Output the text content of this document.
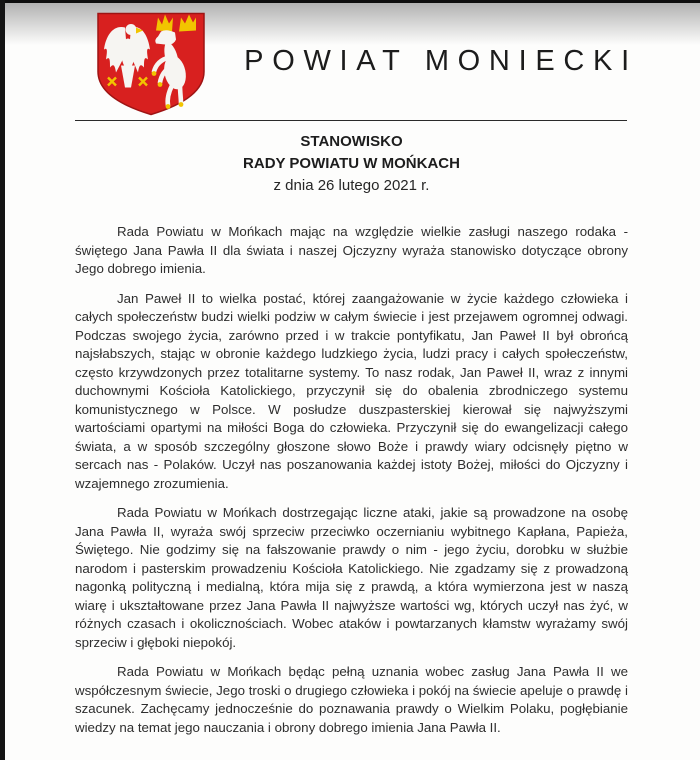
POWIAT MONIECKI
STANOWISKO
RADY POWIATU W MOŃKACH
z dnia 26 lutego 2021 r.

Rada Powiatu w Mońkach mając na względzie wielkie zasługi naszego rodaka - świętego Jana Pawła II dla świata i naszej Ojczyzny wyraża stanowisko dotyczące obrony Jego dobrego imienia.

Jan Paweł II to wielka postać, której zaangażowanie w życie każdego człowieka i całych społeczeństw budzi wielki podziw w całym świecie i jest przejawem ogromnej odwagi. Podczas swojego życia, zarówno przed i w trakcie pontyfikatu, Jan Paweł II był obrońcą najsłabszych, stając w obronie każdego ludzkiego życia, ludzi pracy i całych społeczeństw, często krzywdzonych przez totalitarne systemy. To nasz rodak, Jan Paweł II, wraz z innymi duchownymi Kościoła Katolickiego, przyczynił się do obalenia zbrodniczego systemu komunistycznego w Polsce. W posłudze duszpasterskiej kierował się najwyższymi wartościami opartymi na miłości Boga do człowieka. Przyczynił się do ewangelizacji całego świata, a w sposób szczególny głoszone słowo Boże i prawdy wiary odcisnęły piętno w sercach nas - Polaków. Uczył nas poszanowania każdej istoty Bożej, miłości do Ojczyzny i wzajemnego zrozumienia.

Rada Powiatu w Mońkach dostrzegając liczne ataki, jakie są prowadzone na osobę Jana Pawła II, wyraża swój sprzeciw przeciwko oczernianiu wybitnego Kapłana, Papieża, Świętego. Nie godzimy się na fałszowanie prawdy o nim - jego życiu, dorobku w służbie narodom i pasterskim prowadzeniu Kościoła Katolickiego. Nie zgadzamy się z prowadzoną nagonką polityczną i medialną, która mija się z prawdą, a która wymierzona jest w naszą wiarę i ukształtowane przez Jana Pawła II najwyższe wartości wg, których uczył nas żyć, w różnych czasach i okolicznościach. Wobec ataków i powtarzanych kłamstw wyrażamy swój sprzeciw i głęboki niepokój.

Rada Powiatu w Mońkach będąc pełną uznania wobec zasług Jana Pawła II we współczesnym świecie, Jego troski o drugiego człowieka i pokój na świecie apeluje o prawdę i szacunek. Zachęcamy jednocześnie do poznawania prawdy o Wielkim Polaku, pogłębianie wiedzy na temat jego nauczania i obrony dobrego imienia Jana Pawła II.
